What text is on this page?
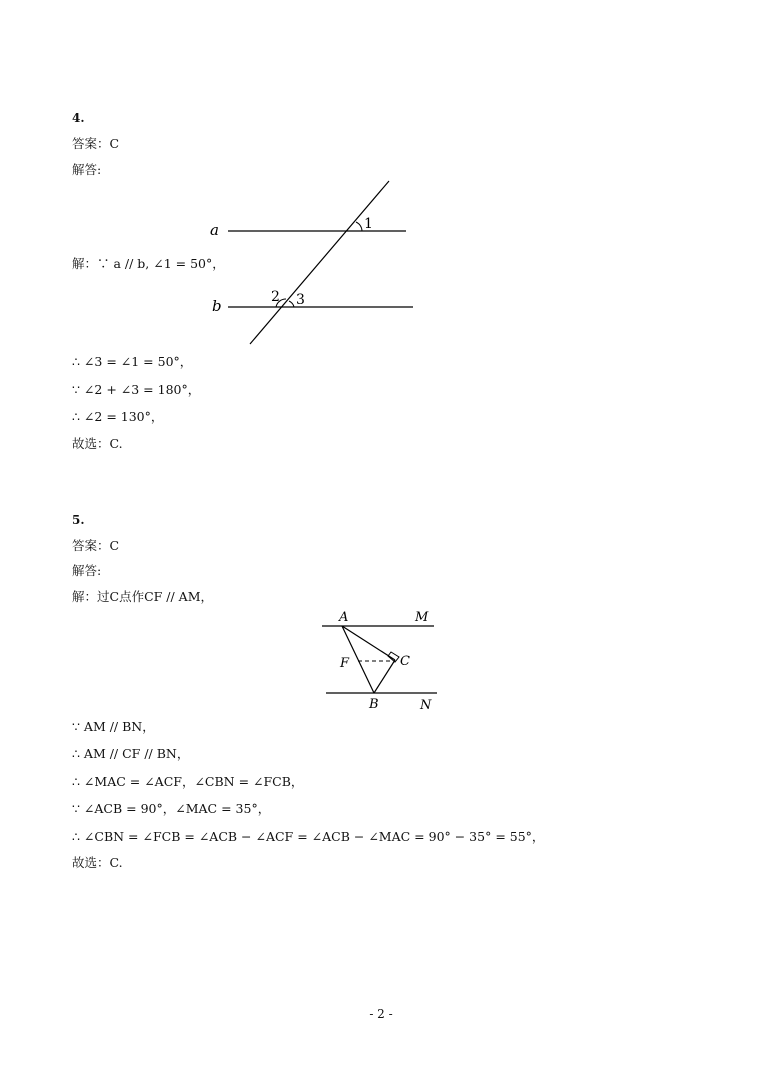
4.
答案：C
解答:
a
b
1
2 3
解：∵ a // b, ∠1 = 50°，
∴ ∠3 = ∠1 = 50°，
∵ ∠2 + ∠3 = 180°，
∴ ∠2 = 130°，
故选：C.
5.
答案：C
解答:
解：过C点作CF // AM，
A	M
F	C
B	N
∵ AM // BN，
∴ AM // CF // BN，
∴ ∠MAC = ∠ACF，∠CBN = ∠FCB，
∵ ∠ACB = 90°，∠MAC = 35°，
∴ ∠CBN = ∠FCB = ∠ACB − ∠ACF = ∠ACB − ∠MAC = 90° − 35° = 55°，
故选：C.
- 2 -
